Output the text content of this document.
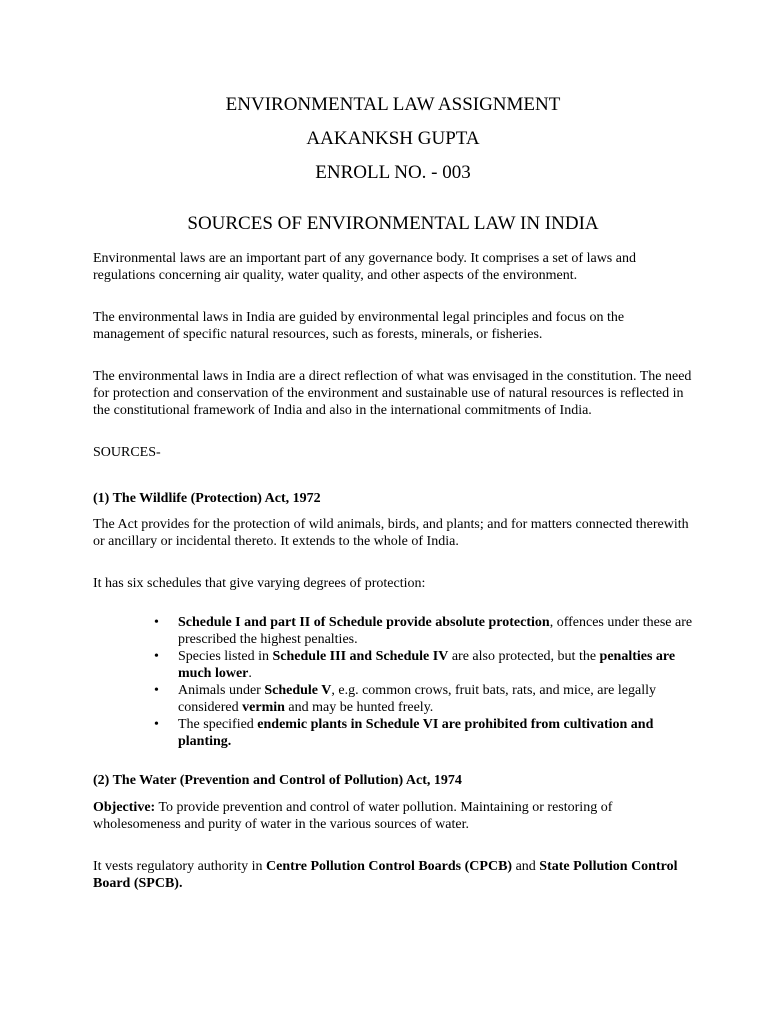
ENVIRONMENTAL LAW ASSIGNMENT
AAKANKSH GUPTA
ENROLL NO. - 003
SOURCES OF ENVIRONMENTAL LAW IN INDIA

Environmental laws are an important part of any governance body. It comprises a set of laws and regulations concerning air quality, water quality, and other aspects of the environment.

The environmental laws in India are guided by environmental legal principles and focus on the management of specific natural resources, such as forests, minerals, or fisheries.

The environmental laws in India are a direct reflection of what was envisaged in the constitution. The need for protection and conservation of the environment and sustainable use of natural resources is reflected in the constitutional framework of India and also in the international commitments of India.

SOURCES-
(1) The Wildlife (Protection) Act, 1972

The Act provides for the protection of wild animals, birds, and plants; and for matters connected therewith or ancillary or incidental thereto. It extends to the whole of India.

It has six schedules that give varying degrees of protection:

• Schedule I and part II of Schedule provide absolute protection, offences under these are prescribed the highest penalties.
• Species listed in Schedule III and Schedule IV are also protected, but the penalties are much lower.
• Animals under Schedule V, e.g. common crows, fruit bats, rats, and mice, are legally considered vermin and may be hunted freely.
• The specified endemic plants in Schedule VI are prohibited from cultivation and planting.
(2) The Water (Prevention and Control of Pollution) Act, 1974

Objective: To provide prevention and control of water pollution. Maintaining or restoring of wholesomeness and purity of water in the various sources of water.

It vests regulatory authority in Centre Pollution Control Boards (CPCB) and State Pollution Control Board (SPCB).
